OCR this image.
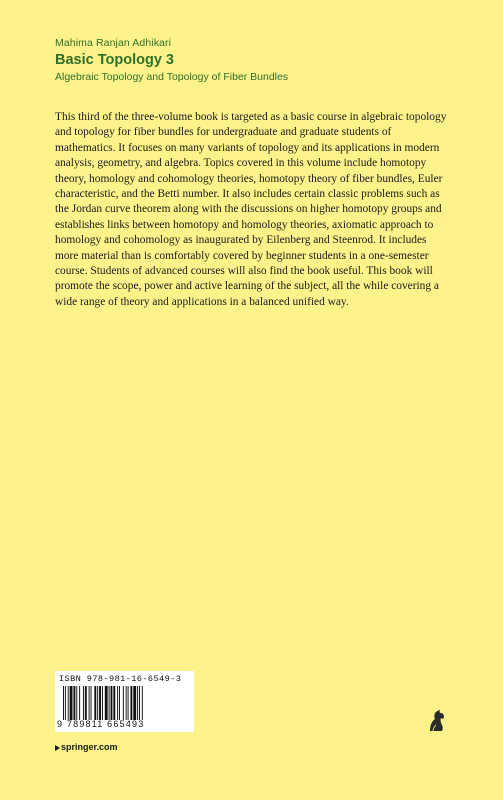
Mahima Ranjan Adhikari
Basic Topology 3
Algebraic Topology and Topology of Fiber Bundles

This third of the three-volume book is targeted as a basic course in algebraic topology and topology for fiber bundles for undergraduate and graduate students of mathematics. It focuses on many variants of topology and its applications in modern analysis, geometry, and algebra. Topics covered in this volume include homotopy theory, homology and cohomology theories, homotopy theory of fiber bundles, Euler characteristic, and the Betti number. It also includes certain classic problems such as the Jordan curve theorem along with the discussions on higher homotopy groups and establishes links between homotopy and homology theories, axiomatic approach to homology and cohomology as inaugurated by Eilenberg and Steenrod. It includes more material than is comfortably covered by beginner students in a one-semester course. Students of advanced courses will also find the book useful. This book will promote the scope, power and active learning of the subject, all the while covering a wide range of theory and applications in a balanced unified way.

ISBN 978-981-16-6549-3
9 789811 665493
springer.com
